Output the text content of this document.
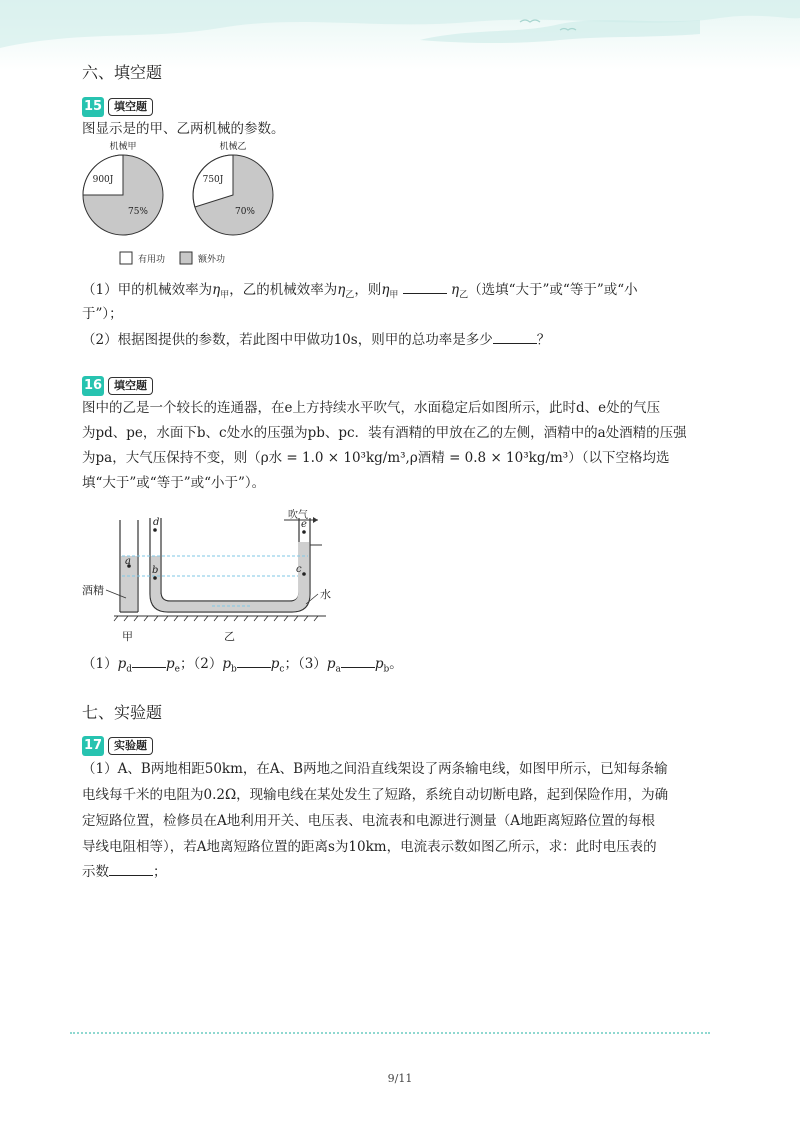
六、填空题
15	填空题
图显示是的甲、乙两机械的参数。
机械甲
900J
75%
机械乙
750J
70%
有用功	额外功
（1）甲的机械效率为$\eta_甲$，乙的机械效率为$\eta_乙$，则$\eta_甲$	$\eta_乙$（选填“大于”或“等于”或“小
于”）；
（2）根据图提供的参数，若此图中甲做功10s，则甲的总功率是多少	？
16	填空题
图中的乙是一个较长的连通器，在e上方持续水平吹气，水面稳定后如图所示，此时d、e处的气压
为pd、pe，水面下b、c处水的压强为pb、pc．装有酒精的甲放在乙的左侧，酒精中的a处酒精的压强
为pa，大气压保持不变，则（ρ水 = 1.0 × 10³kg/m³,ρ酒精 = 0.8 × 10³kg/m³）（以下空格均选
填“大于”或“等于”或“小于”）。
a
d
b
e
c
吹气
酒精	水
甲	乙
$(1)p_d$	$p_e$；$(2)p_b$	$p_c$；$(3)p_a$	$p_b$。
七、实验题
17	实验题
（1）A、B两地相距50km，在A、B两地之间沿直线架设了两条输电线，如图甲所示，已知每条输
电线每千米的电阻为0.2Ω，现输电线在某处发生了短路，系统自动切断电路，起到保险作用，为确
定短路位置，检修员在A地利用开关、电压表、电流表和电源进行测量（A地距离短路位置的每根
导线电阻相等），若A地离短路位置的距离s为10km，电流表示数如图乙所示，求：此时电压表的
示数	；
9/11
